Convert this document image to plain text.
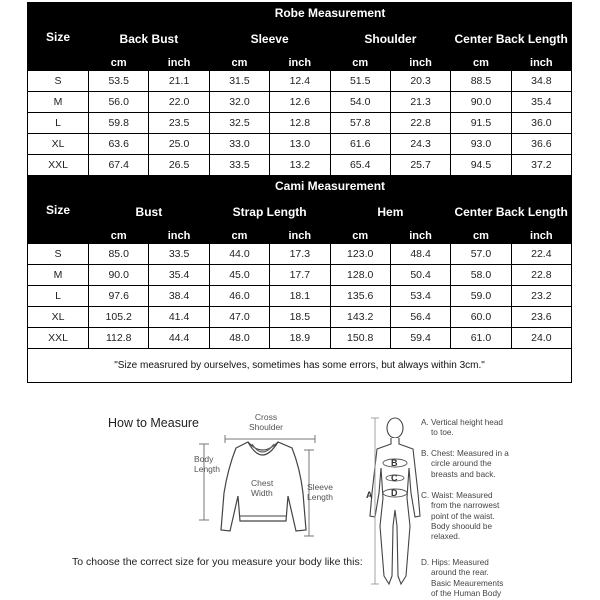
Size	Robe Measurement							
	Back Bust		Sleeve		Shoulder		Center Back Length	
	cm	inch	cm	inch	cm	inch	cm	inch
S	53.5	21.1	31.5	12.4	51.5	20.3	88.5	34.8
M	56.0	22.0	32.0	12.6	54.0	21.3	90.0	35.4
L	59.8	23.5	32.5	12.8	57.8	22.8	91.5	36.0
XL	63.6	25.0	33.0	13.0	61.6	24.3	93.0	36.6
XXL	67.4	26.5	33.5	13.2	65.4	25.7	94.5	37.2
Size	Cami Measurement							
	Bust		Strap Length		Hem		Center Back Length	
	cm	inch	cm	inch	cm	inch	cm	inch
S	85.0	33.5	44.0	17.3	123.0	48.4	57.0	22.4
M	90.0	35.4	45.0	17.7	128.0	50.4	58.0	22.8
L	97.6	38.4	46.0	18.1	135.6	53.4	59.0	23.2
XL	105.2	41.4	47.0	18.5	143.2	56.4	60.0	23.6
XXL	112.8	44.4	48.0	18.9	150.8	59.4	61.0	24.0
"Size measrured by ourselves, sometimes has some errors, but always within 3cm."								
How to Measure	Cross
Shoulder
Body
Length
Chest
Width
Sleeve
Length	A
B
C
D
To choose the correct size for you measure your body like this:
A. Vertical height head
to toe.
B. Chest: Measured in a
circle around the
breasts and back.
C. Waist: Measured
from the narrowest
point of the waist.
Body shoould be
relaxed.
D. Hips: Measured
around the rear.
Basic Meaurements
of the Human Body
